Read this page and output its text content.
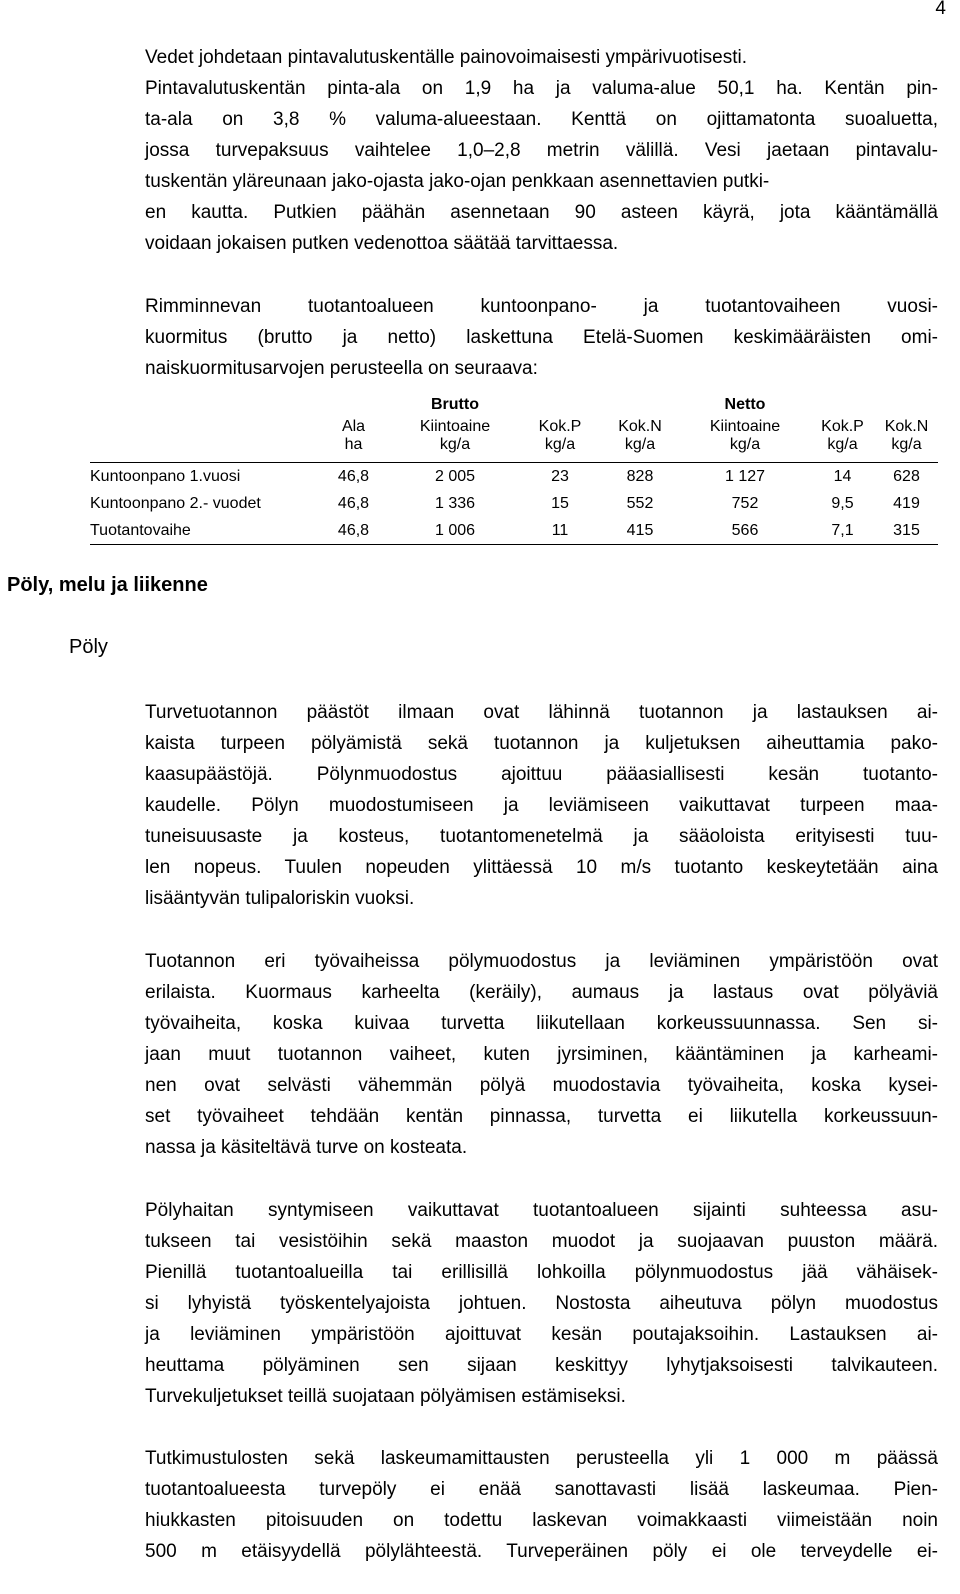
4

Vedet johdetaan pintavalutuskentälle painovoimaisesti ympärivuotisesti.
Pintavalutuskentän pinta-ala on 1,9 ha ja valuma-alue 50,1 ha. Kentän pin-
ta-ala on 3,8 % valuma-alueestaan. Kenttä on ojittamatonta suoaluetta,
jossa turvepaksuus vaihtelee 1,0–2,8 metrin välillä. Vesi jaetaan pintavalu-
tuskentän yläreunaan jako-ojasta jako-ojan penkkaan asennettavien putki-
en kautta. Putkien päähän asennetaan 90 asteen käyrä, jota kääntämällä
voidaan jokaisen putken vedenottoa säätää tarvittaessa.

Rimminnevan tuotantoalueen kuntoonpano- ja tuotantovaiheen vuosi-
kuormitus (brutto ja netto) laskettuna Etelä-Suomen keskimääräisten omi-
naiskuormitusarvojen perusteella on seuraava:

		Brutto			Netto		
	Ala	Kiintoaine	Kok.P	Kok.N	Kiintoaine	Kok.P	Kok.N
	ha	kg/a	kg/a	kg/a	kg/a	kg/a	kg/a
Kuntoonpano 1.vuosi	46,8	2 005	23	828	1 127	14	628
Kuntoonpano 2.- vuodet	46,8	1 336	15	552	752	9,5	419
Tuotantovaihe	46,8	1 006	11	415	566	7,1	315
Pöly, melu ja liikenne
Pöly

Turvetuotannon päästöt ilmaan ovat lähinnä tuotannon ja lastauksen ai-
kaista turpeen pölyämistä sekä tuotannon ja kuljetuksen aiheuttamia pako-
kaasupäästöjä. Pölynmuodostus ajoittuu pääasiallisesti kesän tuotanto-
kaudelle. Pölyn muodostumiseen ja leviämiseen vaikuttavat turpeen maa-
tuneisuusaste ja kosteus, tuotantomenetelmä ja sääoloista erityisesti tuu-
len nopeus. Tuulen nopeuden ylittäessä 10 m/s tuotanto keskeytetään aina
lisääntyvän tulipaloriskin vuoksi.

Tuotannon eri työvaiheissa pölymuodostus ja leviäminen ympäristöön ovat
erilaista. Kuormaus karheelta (keräily), aumaus ja lastaus ovat pölyäviä
työvaiheita, koska kuivaa turvetta liikutellaan korkeussuunnassa. Sen si-
jaan muut tuotannon vaiheet, kuten jyrsiminen, kääntäminen ja karheami-
nen ovat selvästi vähemmän pölyä muodostavia työvaiheita, koska kysei-
set työvaiheet tehdään kentän pinnassa, turvetta ei liikutella korkeussuun-
nassa ja käsiteltävä turve on kosteata.

Pölyhaitan syntymiseen vaikuttavat tuotantoalueen sijainti suhteessa asu-
tukseen tai vesistöihin sekä maaston muodot ja suojaavan puuston määrä.
Pienillä tuotantoalueilla tai erillisillä lohkoilla pölynmuodostus jää vähäisek-
si lyhyistä työskentelyajoista johtuen. Nostosta aiheutuva pölyn muodostus
ja leviäminen ympäristöön ajoittuvat kesän poutajaksoihin. Lastauksen ai-
heuttama pölyäminen sen sijaan keskittyy lyhytjaksoisesti talvikauteen.
Turvekuljetukset teillä suojataan pölyämisen estämiseksi.

Tutkimustulosten sekä laskeumamittausten perusteella yli 1 000 m päässä
tuotantoalueesta turvepöly ei enää sanottavasti lisää laskeumaa. Pien-
hiukkasten pitoisuuden on todettu laskevan voimakkaasti viimeistään noin
500 m etäisyydellä pölylähteestä. Turveperäinen pöly ei ole terveydelle ei-
